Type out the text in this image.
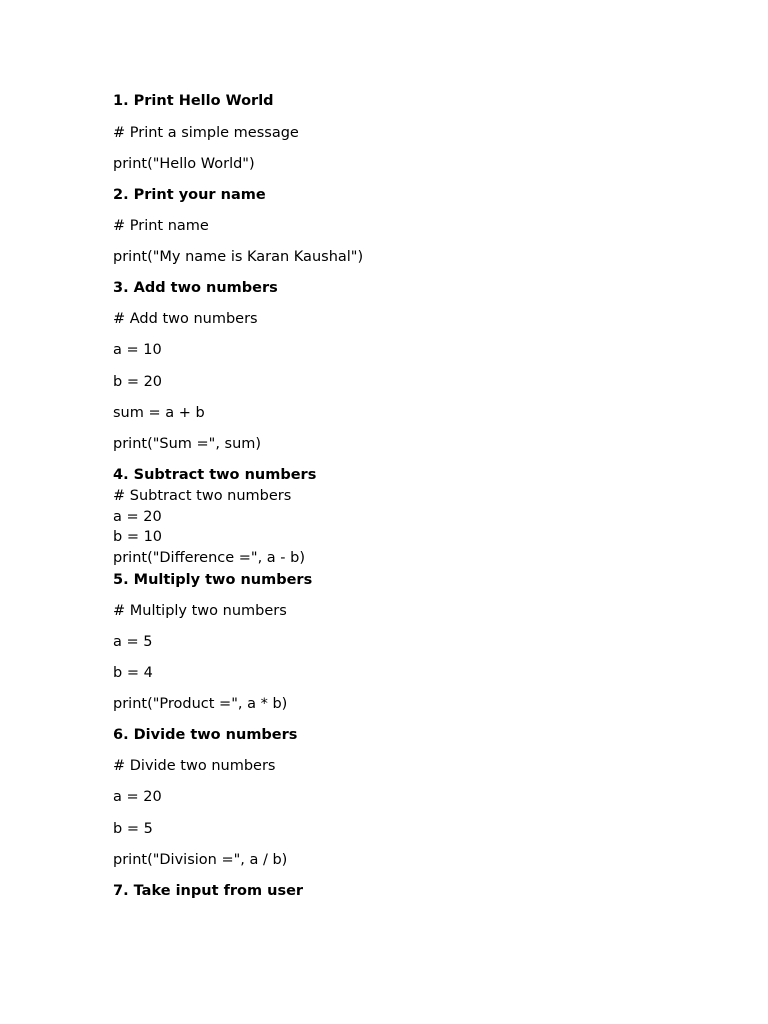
1. Print Hello World
# Print a simple message
print("Hello World")
2. Print your name
# Print name
print("My name is Karan Kaushal")
3. Add two numbers
# Add two numbers
a = 10
b = 20
sum = a + b
print("Sum =", sum)
4. Subtract two numbers
# Subtract two numbers
a = 20
b = 10
print("Difference =", a - b)
5. Multiply two numbers
# Multiply two numbers
a = 5
b = 4
print("Product =", a * b)
6. Divide two numbers
# Divide two numbers
a = 20
b = 5
print("Division =", a / b)
7. Take input from user
